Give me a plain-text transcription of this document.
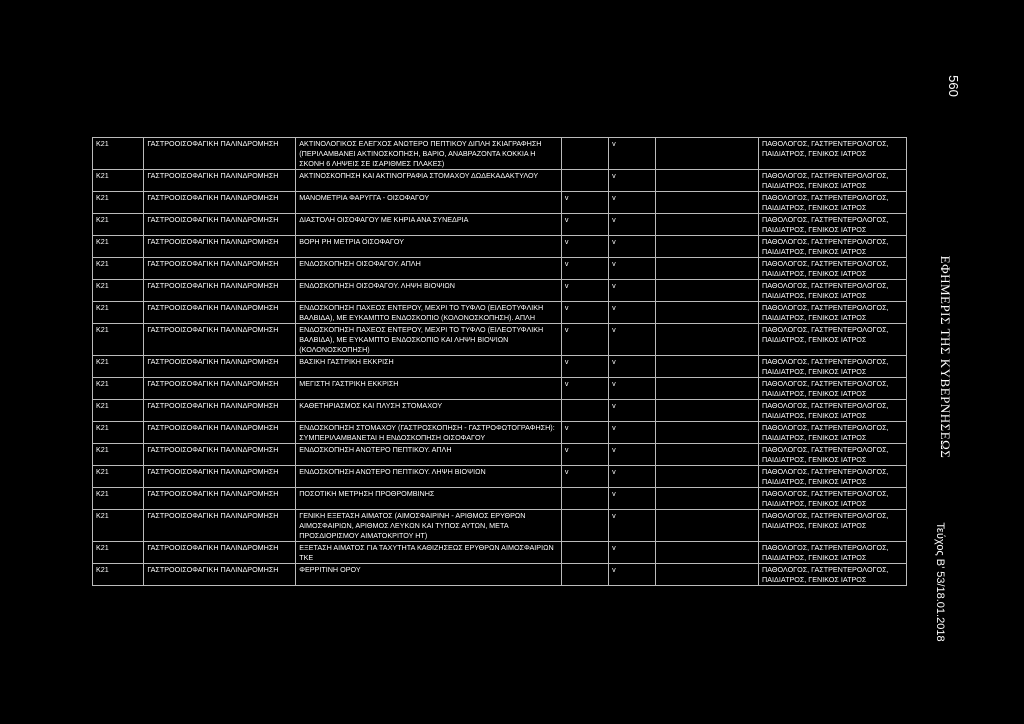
560
ΕΦΗΜΕΡΙΣ ΤΗΣ ΚΥΒΕΡΝΗΣΕΩΣ
Τεύχος Β’ 53/18.01.2018
K21	ΓΑΣΤΡΟΟΙΣΟΦΑΓΙΚΗ ΠΑΛΙΝΔΡΟΜΗΣΗ	ΑΚΤΙΝΟΛΟΓΙΚΟΣ ΕΛΕΓΧΟΣ ΑΝΩΤΕΡΟ ΠΕΠΤΙΚΟΥ ΔΙΠΛΗ ΣΚΙΑΓΡΑΦΗΣΗ (ΠΕΡΙΛΑΜΒΑΝΕΙ ΑΚΤΙΝΟΣΚΟΠΗΣΗ, ΒΑΡΙΟ, ΑΝΑΒΡΑΖΟΝΤΑ ΚΟΚΚΙΑ Η ΣΚΟΝΗ 6 ΛΗΨΕΙΣ ΣΕ ΙΣΑΡΙΘΜΕΣ ΠΛΑΚΕΣ)		v		ΠΑΘΟΛΟΓΟΣ, ΓΑΣΤΡΕΝΤΕΡΟΛΟΓΟΣ, ΠΑΙΔΙΑΤΡΟΣ, ΓΕΝΙΚΟΣ ΙΑΤΡΟΣ
K21	ΓΑΣΤΡΟΟΙΣΟΦΑΓΙΚΗ ΠΑΛΙΝΔΡΟΜΗΣΗ	ΑΚΤΙΝΟΣΚΟΠΗΣΗ ΚΑΙ ΑΚΤΙΝΟΓΡΑΦΙΑ ΣΤΟΜΑΧΟΥ ΔΩΔΕΚΑΔΑΚΤΥΛΟΥ		v		ΠΑΘΟΛΟΓΟΣ, ΓΑΣΤΡΕΝΤΕΡΟΛΟΓΟΣ, ΠΑΙΔΙΑΤΡΟΣ, ΓΕΝΙΚΟΣ ΙΑΤΡΟΣ
K21	ΓΑΣΤΡΟΟΙΣΟΦΑΓΙΚΗ ΠΑΛΙΝΔΡΟΜΗΣΗ	ΜΑΝΟΜΕΤΡΙΑ ΦΑΡΥΓΓΑ - ΟΙΣΟΦΑΓΟΥ	v	v		ΠΑΘΟΛΟΓΟΣ, ΓΑΣΤΡΕΝΤΕΡΟΛΟΓΟΣ, ΠΑΙΔΙΑΤΡΟΣ, ΓΕΝΙΚΟΣ ΙΑΤΡΟΣ
K21	ΓΑΣΤΡΟΟΙΣΟΦΑΓΙΚΗ ΠΑΛΙΝΔΡΟΜΗΣΗ	ΔΙΑΣΤΟΛΗ ΟΙΣΟΦΑΓΟΥ ΜΕ ΚΗΡΙΑ ΑΝΑ ΣΥΝΕΔΡΙΑ	v	v		ΠΑΘΟΛΟΓΟΣ, ΓΑΣΤΡΕΝΤΕΡΟΛΟΓΟΣ, ΠΑΙΔΙΑΤΡΟΣ, ΓΕΝΙΚΟΣ ΙΑΤΡΟΣ
K21	ΓΑΣΤΡΟΟΙΣΟΦΑΓΙΚΗ ΠΑΛΙΝΔΡΟΜΗΣΗ	ΒΟΡΗ ΡΗ ΜΕΤΡΙΑ ΟΙΣΟΦΑΓΟΥ	v	v		ΠΑΘΟΛΟΓΟΣ, ΓΑΣΤΡΕΝΤΕΡΟΛΟΓΟΣ, ΠΑΙΔΙΑΤΡΟΣ, ΓΕΝΙΚΟΣ ΙΑΤΡΟΣ
K21	ΓΑΣΤΡΟΟΙΣΟΦΑΓΙΚΗ ΠΑΛΙΝΔΡΟΜΗΣΗ	ΕΝΔΟΣΚΟΠΗΣΗ ΟΙΣΟΦΑΓΟΥ. ΑΠΛΗ	v	v		ΠΑΘΟΛΟΓΟΣ, ΓΑΣΤΡΕΝΤΕΡΟΛΟΓΟΣ, ΠΑΙΔΙΑΤΡΟΣ, ΓΕΝΙΚΟΣ ΙΑΤΡΟΣ
K21	ΓΑΣΤΡΟΟΙΣΟΦΑΓΙΚΗ ΠΑΛΙΝΔΡΟΜΗΣΗ	ΕΝΔΟΣΚΟΠΗΣΗ ΟΙΣΟΦΑΓΟΥ. ΛΗΨΗ ΒΙΟΨΙΩΝ	v	v		ΠΑΘΟΛΟΓΟΣ, ΓΑΣΤΡΕΝΤΕΡΟΛΟΓΟΣ, ΠΑΙΔΙΑΤΡΟΣ, ΓΕΝΙΚΟΣ ΙΑΤΡΟΣ
K21	ΓΑΣΤΡΟΟΙΣΟΦΑΓΙΚΗ ΠΑΛΙΝΔΡΟΜΗΣΗ	ΕΝΔΟΣΚΟΠΗΣΗ ΠΑΧΕΟΣ ΕΝΤΕΡΟΥ, ΜΕΧΡΙ ΤΟ ΤΥΦΛΟ (ΕΙΛΕΟΤΥΦΛΙΚΗ ΒΑΛΒΙΔΑ), ΜΕ ΕΥΚΑΜΠΤΟ ΕΝΔΟΣΚΟΠΙΟ (ΚΟΛΟΝΟΣΚΟΠΗΣΗ). ΑΠΛΗ	v	v		ΠΑΘΟΛΟΓΟΣ, ΓΑΣΤΡΕΝΤΕΡΟΛΟΓΟΣ, ΠΑΙΔΙΑΤΡΟΣ, ΓΕΝΙΚΟΣ ΙΑΤΡΟΣ
K21	ΓΑΣΤΡΟΟΙΣΟΦΑΓΙΚΗ ΠΑΛΙΝΔΡΟΜΗΣΗ	ΕΝΔΟΣΚΟΠΗΣΗ ΠΑΧΕΟΣ ΕΝΤΕΡΟΥ, ΜΕΧΡΙ ΤΟ ΤΥΦΛΟ (ΕΙΛΕΟΤΥΦΛΙΚΗ ΒΑΛΒΙΔΑ), ΜΕ ΕΥΚΑΜΠΤΟ ΕΝΔΟΣΚΟΠΙΟ ΚΑΙ ΛΗΨΗ ΒΙΟΨΙΩΝ (ΚΟΛΟΝΟΣΚΟΠΗΣΗ)	v	v		ΠΑΘΟΛΟΓΟΣ, ΓΑΣΤΡΕΝΤΕΡΟΛΟΓΟΣ, ΠΑΙΔΙΑΤΡΟΣ, ΓΕΝΙΚΟΣ ΙΑΤΡΟΣ
K21	ΓΑΣΤΡΟΟΙΣΟΦΑΓΙΚΗ ΠΑΛΙΝΔΡΟΜΗΣΗ	ΒΑΣΙΚΗ ΓΑΣΤΡΙΚΗ ΕΚΚΡΙΣΗ	v	v		ΠΑΘΟΛΟΓΟΣ, ΓΑΣΤΡΕΝΤΕΡΟΛΟΓΟΣ, ΠΑΙΔΙΑΤΡΟΣ, ΓΕΝΙΚΟΣ ΙΑΤΡΟΣ
K21	ΓΑΣΤΡΟΟΙΣΟΦΑΓΙΚΗ ΠΑΛΙΝΔΡΟΜΗΣΗ	ΜΕΓΙΣΤΗ ΓΑΣΤΡΙΚΗ ΕΚΚΡΙΣΗ	v	v		ΠΑΘΟΛΟΓΟΣ, ΓΑΣΤΡΕΝΤΕΡΟΛΟΓΟΣ, ΠΑΙΔΙΑΤΡΟΣ, ΓΕΝΙΚΟΣ ΙΑΤΡΟΣ
K21	ΓΑΣΤΡΟΟΙΣΟΦΑΓΙΚΗ ΠΑΛΙΝΔΡΟΜΗΣΗ	ΚΑΘΕΤΗΡΙΑΣΜΟΣ ΚΑΙ ΠΛΥΣΗ ΣΤΟΜΑΧΟΥ		v		ΠΑΘΟΛΟΓΟΣ, ΓΑΣΤΡΕΝΤΕΡΟΛΟΓΟΣ, ΠΑΙΔΙΑΤΡΟΣ, ΓΕΝΙΚΟΣ ΙΑΤΡΟΣ
K21	ΓΑΣΤΡΟΟΙΣΟΦΑΓΙΚΗ ΠΑΛΙΝΔΡΟΜΗΣΗ	ΕΝΔΟΣΚΟΠΗΣΗ ΣΤΟΜΑΧΟΥ (ΓΑΣΤΡΟΣΚΟΠΗΣΗ - ΓΑΣΤΡΟΦΩΤΟΓΡΑΦΗΣΗ): ΣΥΜΠΕΡΙΛΑΜΒΑΝΕΤΑΙ Η ΕΝΔΟΣΚΟΠΗΣΗ ΟΙΣΟΦΑΓΟΥ	v	v		ΠΑΘΟΛΟΓΟΣ, ΓΑΣΤΡΕΝΤΕΡΟΛΟΓΟΣ, ΠΑΙΔΙΑΤΡΟΣ, ΓΕΝΙΚΟΣ ΙΑΤΡΟΣ
K21	ΓΑΣΤΡΟΟΙΣΟΦΑΓΙΚΗ ΠΑΛΙΝΔΡΟΜΗΣΗ	ΕΝΔΟΣΚΟΠΗΣΗ ΑΝΩΤΕΡΟ ΠΕΠΤΙΚΟΥ. ΑΠΛΗ	v	v		ΠΑΘΟΛΟΓΟΣ, ΓΑΣΤΡΕΝΤΕΡΟΛΟΓΟΣ, ΠΑΙΔΙΑΤΡΟΣ, ΓΕΝΙΚΟΣ ΙΑΤΡΟΣ
K21	ΓΑΣΤΡΟΟΙΣΟΦΑΓΙΚΗ ΠΑΛΙΝΔΡΟΜΗΣΗ	ΕΝΔΟΣΚΟΠΗΣΗ ΑΝΩΤΕΡΟ ΠΕΠΤΙΚΟΥ. ΛΗΨΗ ΒΙΟΨΙΩΝ	v	v		ΠΑΘΟΛΟΓΟΣ, ΓΑΣΤΡΕΝΤΕΡΟΛΟΓΟΣ, ΠΑΙΔΙΑΤΡΟΣ, ΓΕΝΙΚΟΣ ΙΑΤΡΟΣ
K21	ΓΑΣΤΡΟΟΙΣΟΦΑΓΙΚΗ ΠΑΛΙΝΔΡΟΜΗΣΗ	ΠΟΣΟΤΙΚΗ ΜΕΤΡΗΣΗ ΠΡΟΘΡΟΜΒΙΝΗΣ		v		ΠΑΘΟΛΟΓΟΣ, ΓΑΣΤΡΕΝΤΕΡΟΛΟΓΟΣ, ΠΑΙΔΙΑΤΡΟΣ, ΓΕΝΙΚΟΣ ΙΑΤΡΟΣ
K21	ΓΑΣΤΡΟΟΙΣΟΦΑΓΙΚΗ ΠΑΛΙΝΔΡΟΜΗΣΗ	ΓΕΝΙΚΗ ΕΞΕΤΑΣΗ ΑΙΜΑΤΟΣ (ΑΙΜΟΣΦΑΙΡΙΝΗ - ΑΡΙΘΜΟΣ ΕΡΥΘΡΩΝ ΑΙΜΟΣΦΑΙΡΙΩΝ, ΑΡΙΘΜΟΣ ΛΕΥΚΩΝ ΚΑΙ ΤΥΠΟΣ ΑΥΤΩΝ, ΜΕΤΑ ΠΡΟΣΔΙΟΡΙΣΜΟΥ ΑΙΜΑΤΟΚΡΙΤΟΥ ΗΤ)		v		ΠΑΘΟΛΟΓΟΣ, ΓΑΣΤΡΕΝΤΕΡΟΛΟΓΟΣ, ΠΑΙΔΙΑΤΡΟΣ, ΓΕΝΙΚΟΣ ΙΑΤΡΟΣ
K21	ΓΑΣΤΡΟΟΙΣΟΦΑΓΙΚΗ ΠΑΛΙΝΔΡΟΜΗΣΗ	ΕΞΕΤΑΣΗ ΑΙΜΑΤΟΣ ΓΙΑ ΤΑΧΥΤΗΤΑ ΚΑΘΙΖΗΣΕΩΣ ΕΡΥΘΡΩΝ ΑΙΜΟΣΦΑΙΡΙΩΝ ΤΚΕ		v		ΠΑΘΟΛΟΓΟΣ, ΓΑΣΤΡΕΝΤΕΡΟΛΟΓΟΣ, ΠΑΙΔΙΑΤΡΟΣ, ΓΕΝΙΚΟΣ ΙΑΤΡΟΣ
K21	ΓΑΣΤΡΟΟΙΣΟΦΑΓΙΚΗ ΠΑΛΙΝΔΡΟΜΗΣΗ	ΦΕΡΡΙΤΙΝΗ ΟΡΟΥ		v		ΠΑΘΟΛΟΓΟΣ, ΓΑΣΤΡΕΝΤΕΡΟΛΟΓΟΣ, ΠΑΙΔΙΑΤΡΟΣ, ΓΕΝΙΚΟΣ ΙΑΤΡΟΣ
